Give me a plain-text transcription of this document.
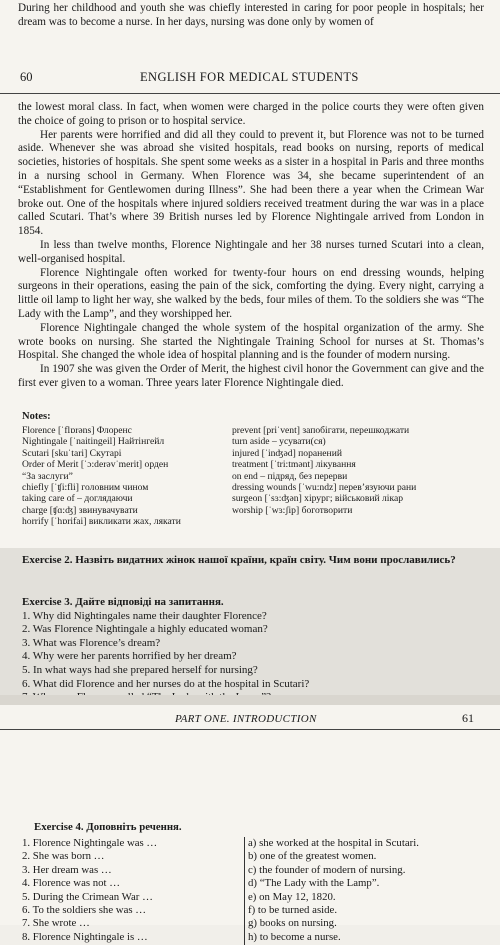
During her childhood and youth she was chiefly interested in caring for poor people in hospitals; her dream was to become a nurse. In her days, nursing was done only by women of
60	ENGLISH FOR MEDICAL STUDENTS

the lowest moral class. In fact, when women were charged in the police courts they were often given the choice of going to prison or to hospital service.

Her parents were horrified and did all they could to prevent it, but Florence was not to be turned aside. Whenever she was abroad she visited hospitals, read books on nursing, reports of medical societies, histories of hospitals. She spent some weeks as a sister in a hospital in Paris and three months in a nursing school in Germany. When Florence was 34, she became superintendent of an “Establishment for Gentlewomen during Illness”. She had been there a year when the Crimean War broke out. One of the hospitals where injured soldiers received treatment during the war was in a place called Scutari. That’s where 39 British nurses led by Florence Nightingale arrived from London in 1854.

In less than twelve months, Florence Nightingale and her 38 nurses turned Scutari into a clean, well-organised hospital.

Florence Nightingale often worked for twenty-four hours on end dressing wounds, helping surgeons in their operations, easing the pain of the sick, comforting the dying. Every night, carrying a little oil lamp to light her way, she walked by the beds, four miles of them. To the soldiers she was “The Lady with the Lamp”, and they worshipped her.

Florence Nightingale changed the whole system of the hospital organization of the army. She wrote books on nursing. She started the Nightingale Training School for nurses at St. Thomas’s Hospital. She changed the whole idea of hospital planning and is the founder of modern nursing.

In 1907 she was given the Order of Merit, the highest civil honor the Government can give and the first ever given to a woman. Three years later Florence Nightingale died.

Notes:
Florence [ˈflɒrəns] Флоренс
Nightingale [ˈnaitingeil] Найтінгейл
Scutari [skuˈtari] Скутарі
Order of Merit [ˈɔ:derəvˈmerit] орден
“За заслуги”
chiefly [ˈʧi:fli] головним чином
taking care of – доглядаючи
charge [ʧɑ:ʤ] звинувачувати
horrify [ˈhɒrifai] викликати жах, лякати
prevent [priˈvent] запобігати, перешкоджати
turn aside – усувати(ся)
injured [ˈinʤəd] поранений
treatment [ˈtri:tmənt] лікування
on end – підряд, без перерви
dressing wounds [ˈwu:ndz] перев’язуючи рани
surgeon [ˈsɜ:ʤən] хірург; військовий лікар
worship [ˈwɜ:ʃip] боготворити
Exercise 2. Назвіть видатних жінок нашої країни, країн світу. Чим вони прославились?
Exercise 3. Дайте відповіді на запитання.
1. Why did Nightingales name their daughter Florence?
2. Was Florence Nightingale a highly educated woman?
3. What was Florence’s dream?
4. Why were her parents horrified by her dream?
5. In what ways had she prepared herself for nursing?
6. What did Florence and her nurses do at the hospital in Scutari?
PART ONE. INTRODUCTION	61
Exercise 4. Доповніть речення.
1. Florence Nightingale was …
2. She was born …
3. Her dream was …
4. Florence was not …
5. During the Crimean War …
6. To the soldiers she was …
7. She wrote …
8. Florence Nightingale is …
a) she worked at the hospital in Scutari.
b) one of the greatest women.
c) the founder of modern of nursing.
d) “The Lady with the Lamp”.
e) on May 12, 1820.
f) to be turned aside.
g) books on nursing.
h) to become a nurse.
